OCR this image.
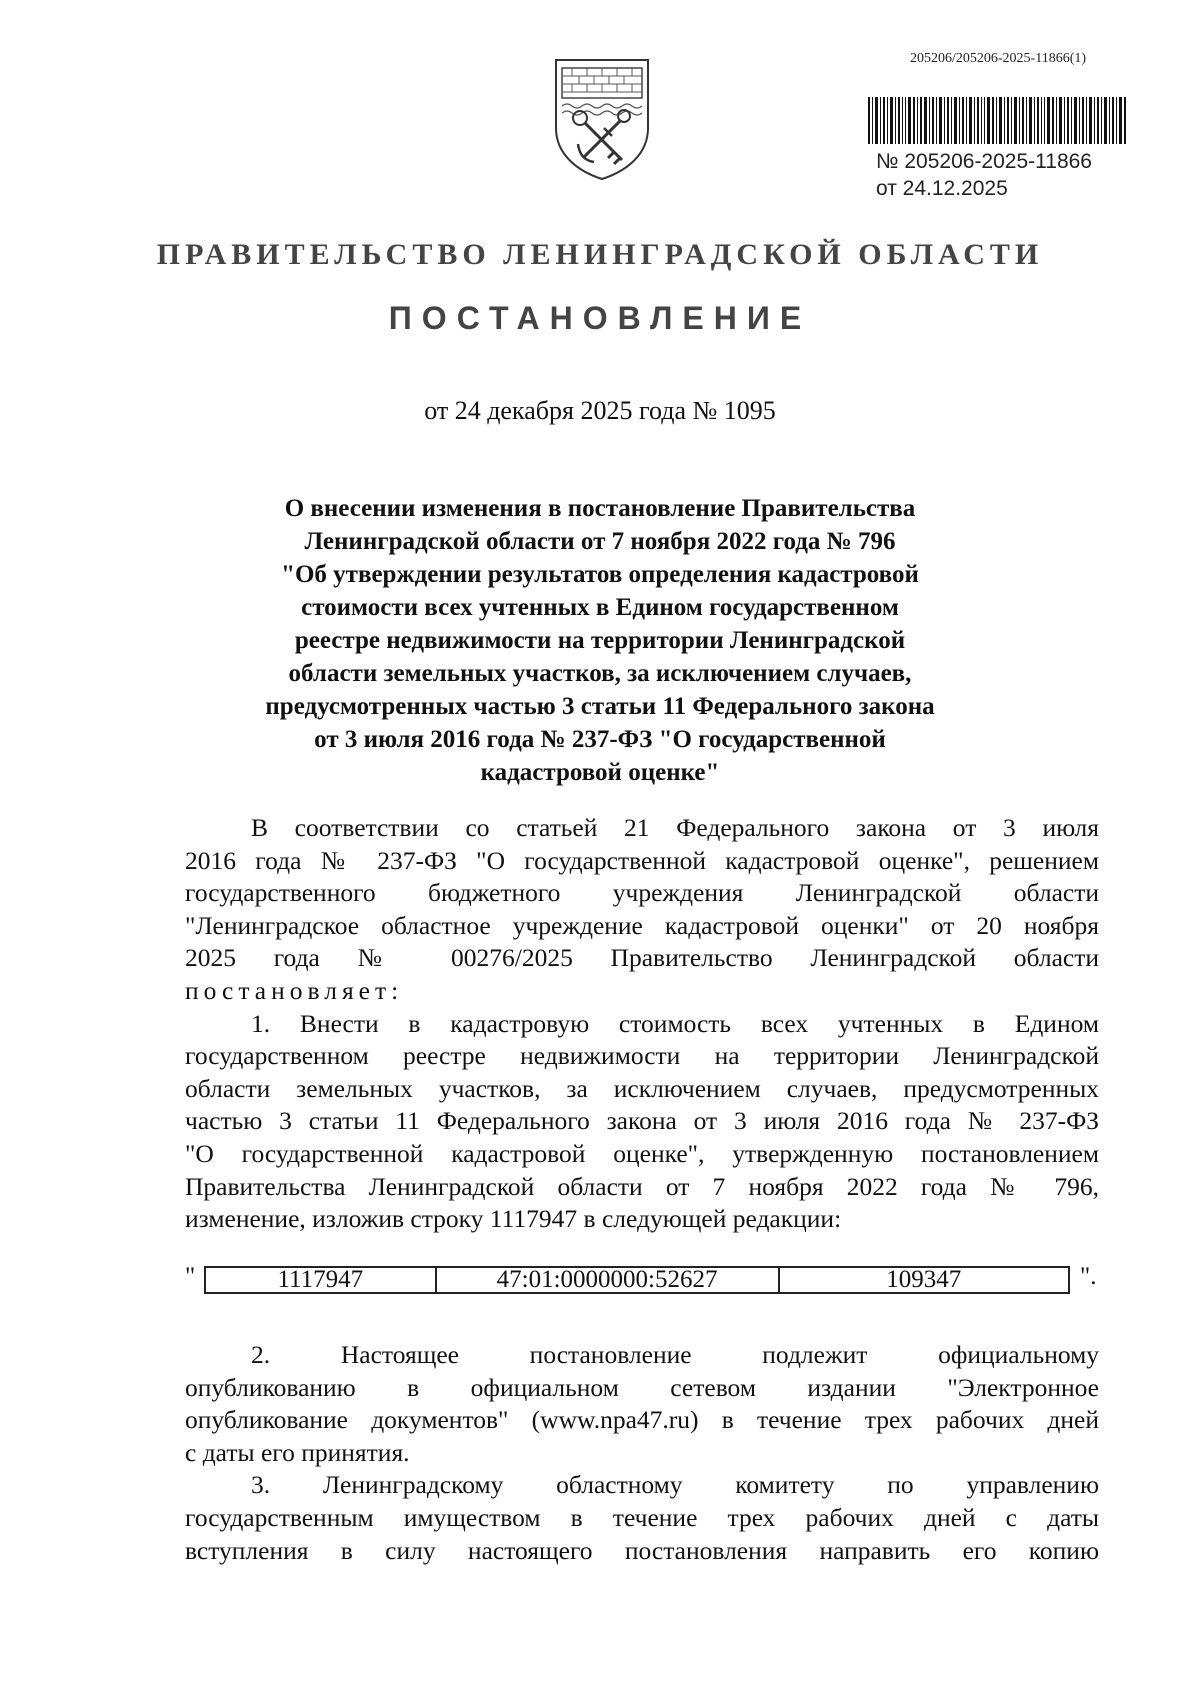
205206/205206-2025-11866(1)
№ 205206-2025-11866
от 24.12.2025
ПРАВИТЕЛЬСТВО ЛЕНИНГРАДСКОЙ ОБЛАСТИ
ПОСТАНОВЛЕНИЕ
от 24 декабря 2025 года № 1095
О внесении изменения в постановление Правительства
Ленинградской области от 7 ноября 2022 года № 796
"Об утверждении результатов определения кадастровой
стоимости всех учтенных в Едином государственном
реестре недвижимости на территории Ленинградской
области земельных участков, за исключением случаев,
предусмотренных частью 3 статьи 11 Федерального закона
от 3 июля 2016 года № 237-ФЗ "О государственной
кадастровой оценке"
В соответствии со статьей 21 Федерального закона от 3 июля
2016 года № 237-ФЗ "О государственной кадастровой оценке", решением
государственного бюджетного учреждения Ленинградской области
"Ленинградское областное учреждение кадастровой оценки" от 20 ноября
2025 года № 00276/2025 Правительство Ленинградской области
постановляет:
1. Внести в кадастровую стоимость всех учтенных в Едином
государственном реестре недвижимости на территории Ленинградской
области земельных участков, за исключением случаев, предусмотренных
частью 3 статьи 11 Федерального закона от 3 июля 2016 года № 237-ФЗ
"О государственной кадастровой оценке", утвержденную постановлением
Правительства Ленинградской области от 7 ноября 2022 года № 796,
изменение, изложив строку 1117947 в следующей редакции:
"	1117947	47:01:0000000:52627	109347	".
2. Настоящее постановление подлежит официальному
опубликованию в официальном сетевом издании "Электронное
опубликование документов" (www.npa47.ru) в течение трех рабочих дней
с даты его принятия.
3. Ленинградскому областному комитету по управлению
государственным имуществом в течение трех рабочих дней с даты
вступления в силу настоящего постановления направить его копию
